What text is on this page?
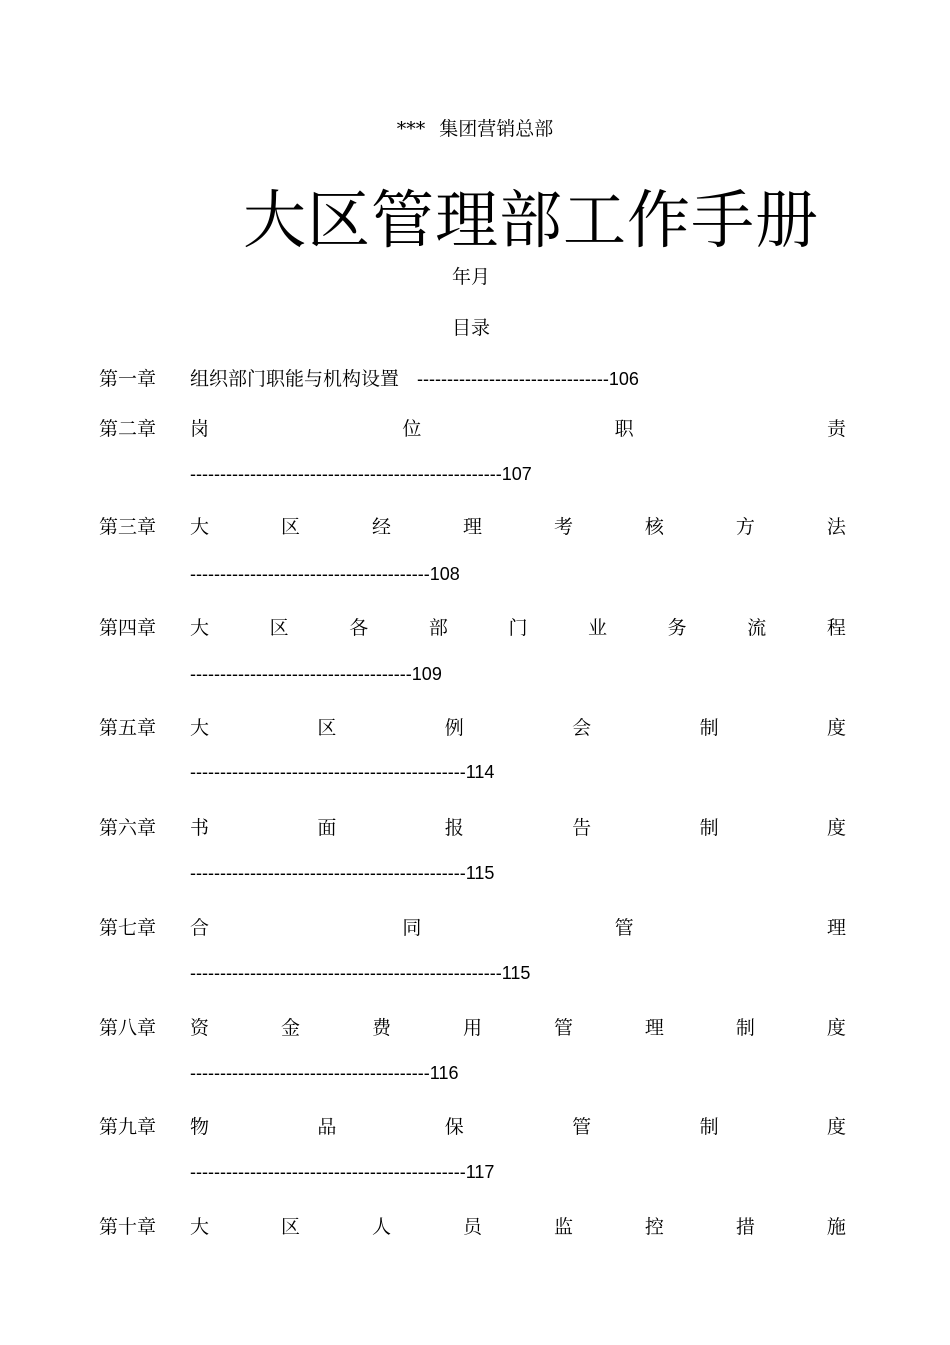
*** 集团营销总部
大区管理部工作手册
年月
目录
第一章 组织部门职能与机构设置 --------------------------------106
第二章 岗	位	职	责
----------------------------------------------------107
第三章 大	区	经	理	考	核	方	法
----------------------------------------108
第四章 大	区	各	部	门	业	务	流	程
-------------------------------------109
第五章 大	区	例	会	制	度
----------------------------------------------114
第六章 书	面	报	告	制	度
----------------------------------------------115
第七章 合	同	管	理
----------------------------------------------------115
第八章 资	金	费	用	管	理	制	度
----------------------------------------116
第九章 物	品	保	管	制	度
----------------------------------------------117
第十章 大	区	人	员	监	控	措	施
